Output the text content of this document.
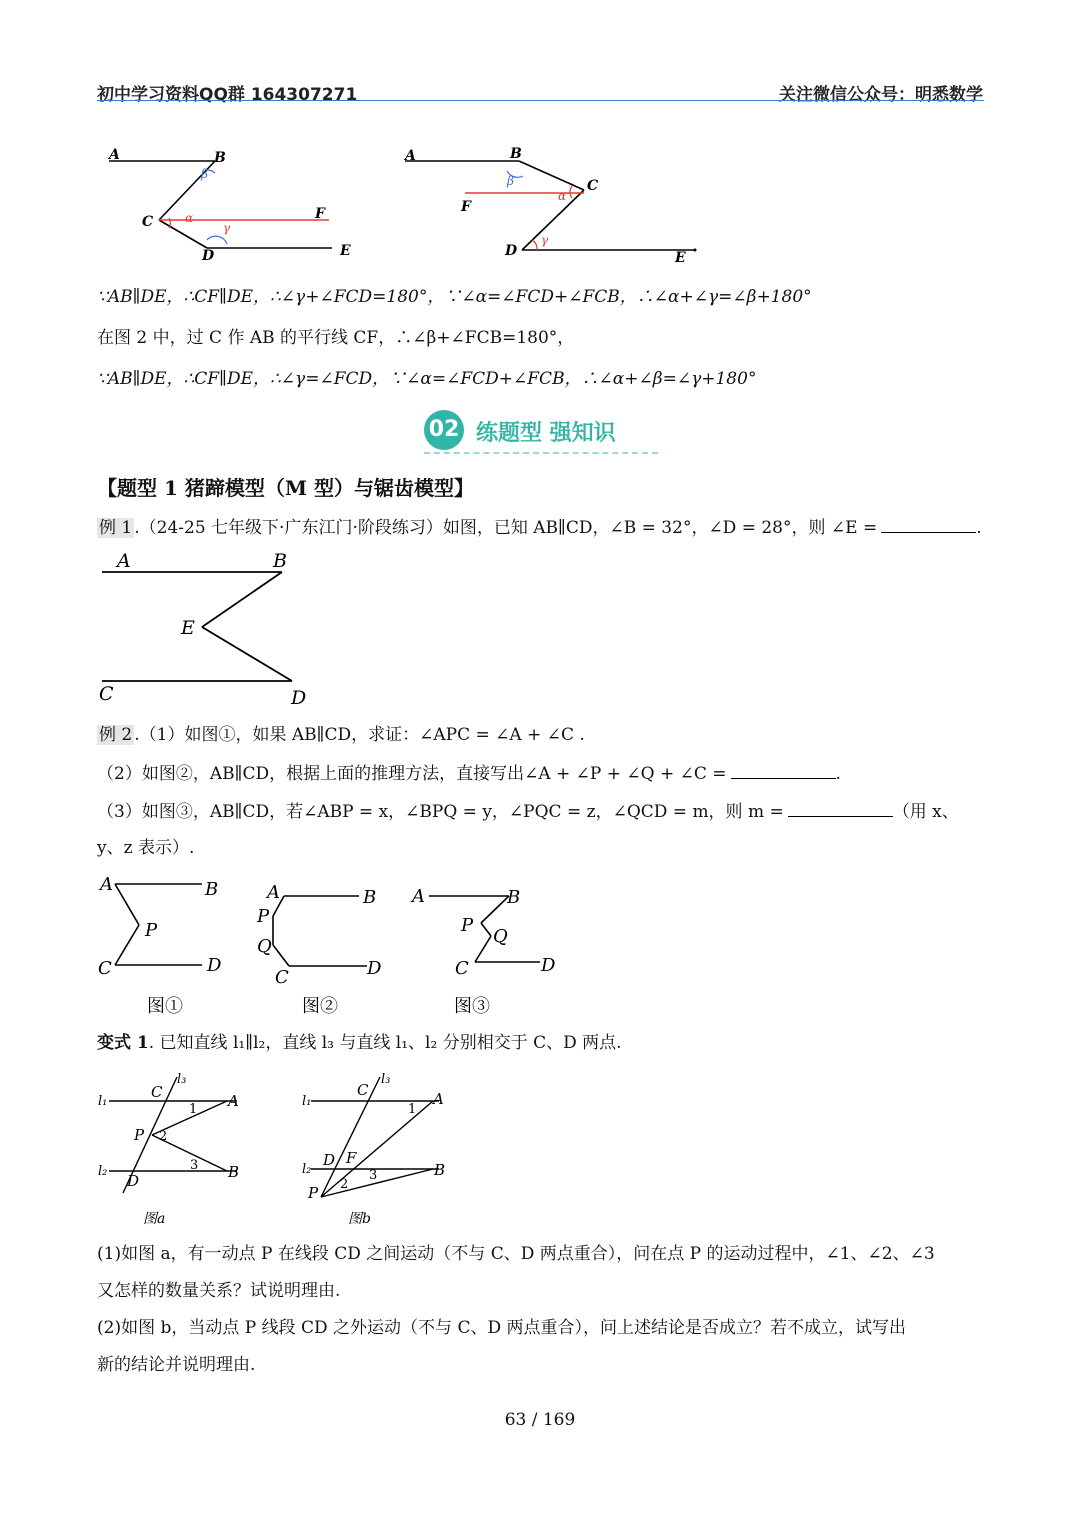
初中学习资料QQ群 164307271	关注微信公众号：明悉数学
A	B
C
D	E
F
β
α
γ
A	B
C
D	E
F
β
α
γ
∵AB∥DE，∴CF∥DE，∴∠γ+∠FCD=180°，∵∠α=∠FCD+∠FCB，∴∠α+∠γ=∠β+180°
在图 2 中，过 C 作 AB 的平行线 CF，∴∠β+∠FCB=180°，
∵AB∥DE，∴CF∥DE，∴∠γ=∠FCD，∵∠α=∠FCD+∠FCB，∴∠α+∠β=∠γ+180°
02 练题型 强知识
【题型 1 猪蹄模型（M 型）与锯齿模型】
例 1 .（24-25 七年级下·广东江门·阶段练习）如图，已知 AB∥CD，∠B = 32°，∠D = 28°，则 ∠E =	.
A	B
E
C	D
例 2 .（1）如图①，如果 AB∥CD，求证：∠APC = ∠A + ∠C .
（2）如图②，AB∥CD，根据上面的推理方法，直接写出∠A + ∠P + ∠Q + ∠C =	.
（3）如图③，AB∥CD，若∠ABP = x，∠BPQ = y，∠PQC = z，∠QCD = m，则 m =	（用 x、
y、z 表示）.
A	B
P
C	D
图①
A	B
P
Q
C	D
图②
A	B
P
Q
C	D
图③
变式 1. 已知直线 l₁∥l₂，直线 l₃ 与直线 l₁、l₂ 分别相交于 C、D 两点.
l₁
l₂
l₃
C	A
1
P 2
3 B
D
图a
l₁
l₂
l₃
C	A
1
D F
3	B
P 2
图b
(1)如图 a，有一动点 P 在线段 CD 之间运动（不与 C、D 两点重合），问在点 P 的运动过程中，∠1、∠2、∠3
又怎样的数量关系？试说明理由.
(2)如图 b，当动点 P 线段 CD 之外运动（不与 C、D 两点重合），问上述结论是否成立？若不成立，试写出
新的结论并说明理由.
63 / 169
